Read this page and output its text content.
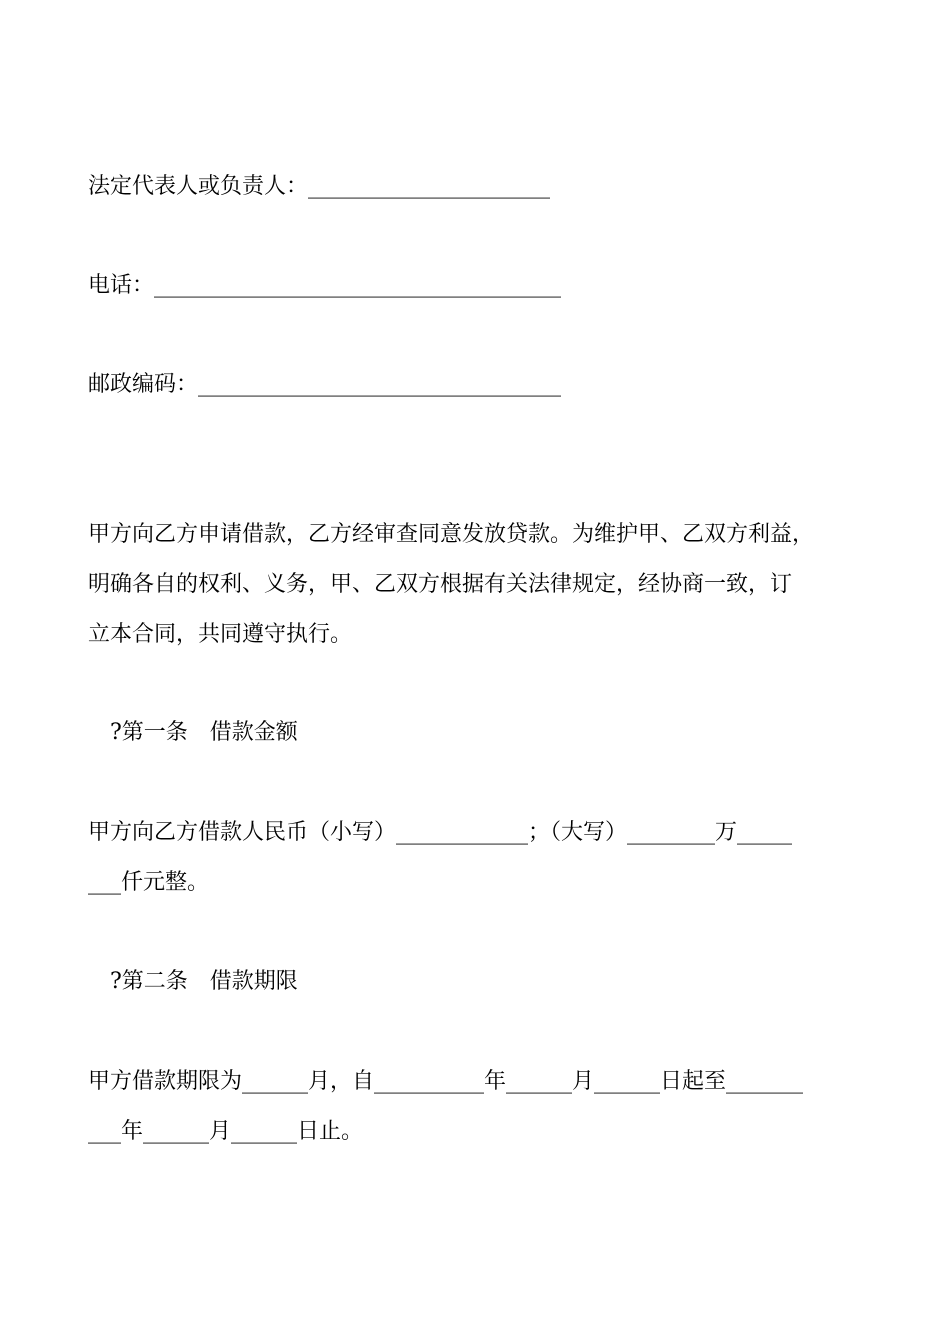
法定代表人或负责人：______________________
电话：_____________________________________
邮政编码：_________________________________
甲方向乙方申请借款，乙方经审查同意发放贷款。为维护甲、乙双方利益，
明确各自的权利、义务，甲、乙双方根据有关法律规定，经协商一致，订
立本合同，共同遵守执行。
?第一条　借款金额
甲方向乙方借款人民币（小写）____________；（大写）________万_____
___仟元整。
?第二条　借款期限
甲方借款期限为______月，自__________年______月______日起至_______
___年______月______日止。
